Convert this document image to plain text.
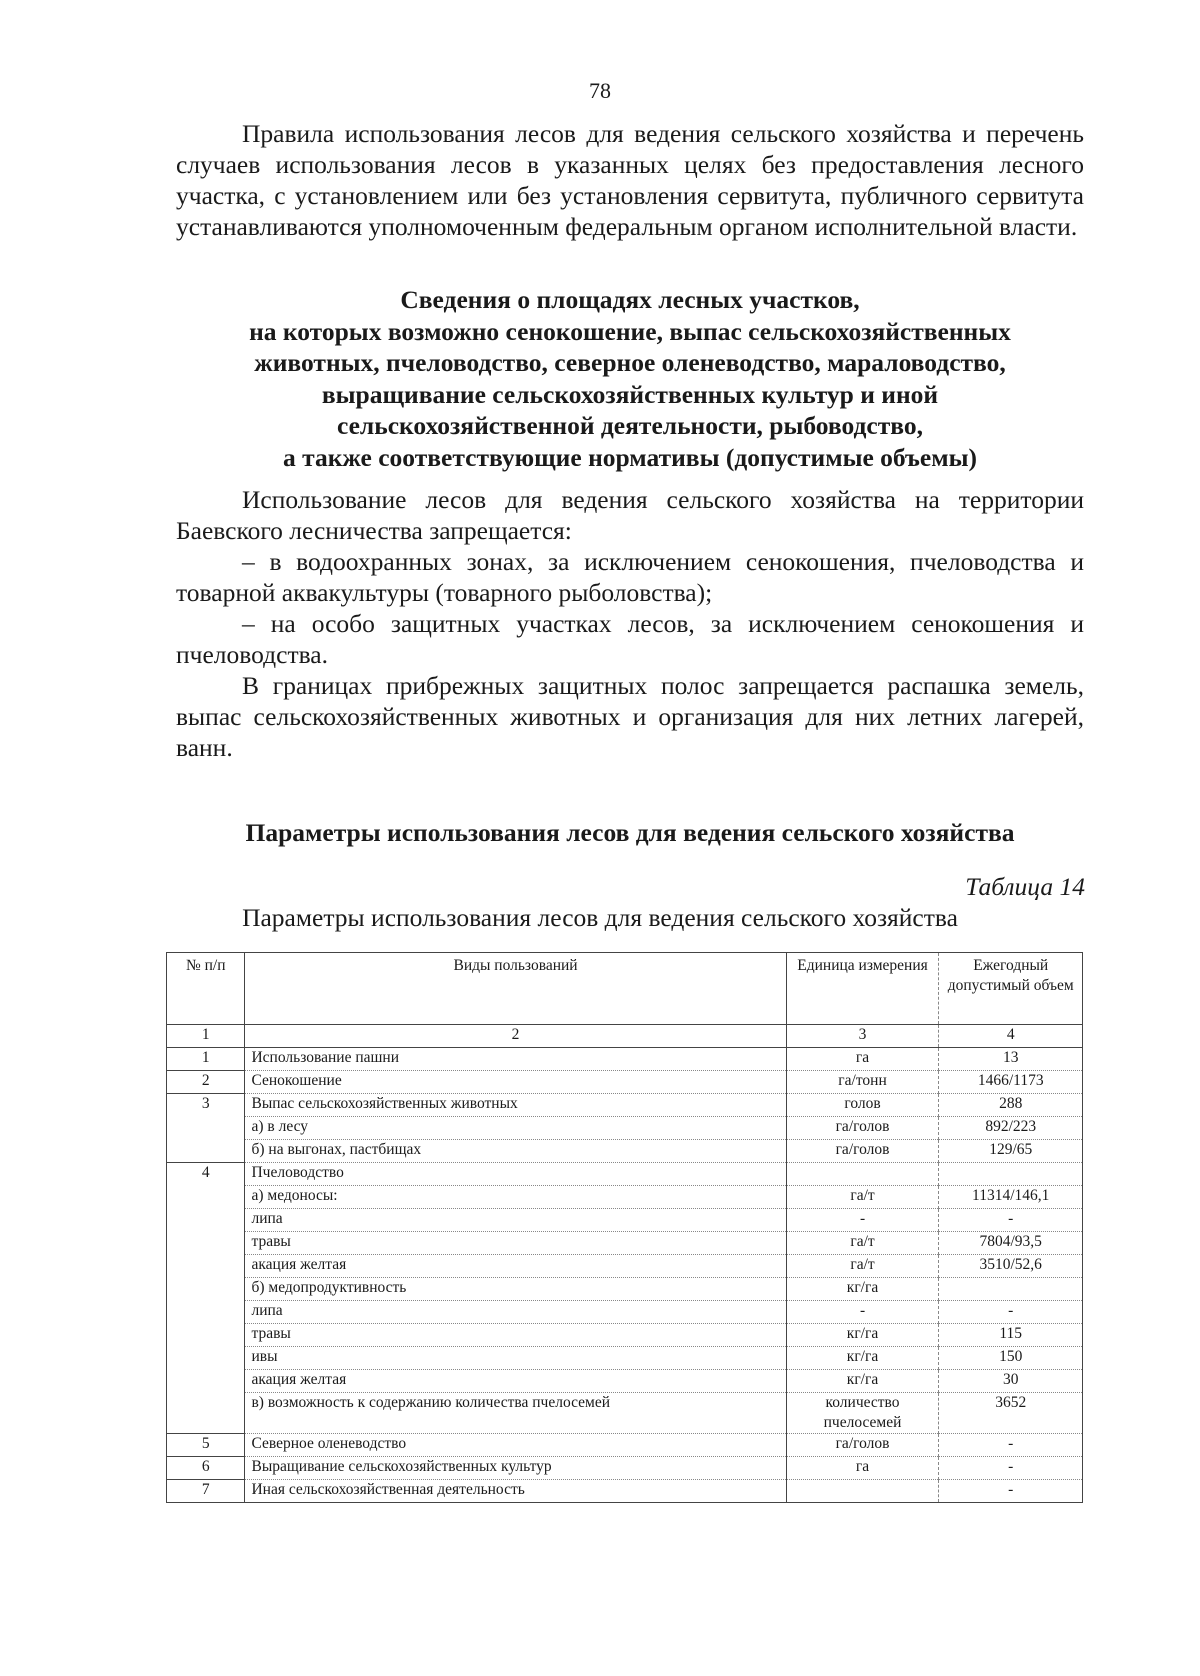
78

Правила использования лесов для ведения сельского хозяйства и перечень случаев использования лесов в указанных целях без предоставления лесного участка, с установлением или без установления сервитута, публичного сервитута устанавливаются уполномоченным федеральным органом исполнительной власти.

Сведения о площадях лесных участков,
на которых возможно сенокошение, выпас сельскохозяйственных
животных, пчеловодство, северное оленеводство, мараловодство,
выращивание сельскохозяйственных культур и иной
сельскохозяйственной деятельности, рыбоводство,
а также соответствующие нормативы (допустимые объемы)

Использование лесов для ведения сельского хозяйства на территории Баевского лесничества запрещается:

– в водоохранных зонах, за исключением сенокошения, пчеловодства и товарной аквакультуры (товарного рыболовства);

– на особо защитных участках лесов, за исключением сенокошения и пчеловодства.

В границах прибрежных защитных полос запрещается распашка земель, выпас сельскохозяйственных животных и организация для них летних лагерей, ванн.

Параметры использования лесов для ведения сельского хозяйства
Таблица 14
Параметры использования лесов для ведения сельского хозяйства
№ п/п	Виды пользований	Единица измерения	Ежегодный допустимый объем
1	2	3	4
1	Использование пашни	га	13
2	Сенокошение	га/тонн	1466/1173
3	Выпас сельскохозяйственных животных	голов	288
	а) в лесу	га/голов	892/223
	б) на выгонах, пастбищах	га/голов	129/65
4	Пчеловодство		
	а) медоносы:	га/т	11314/146,1
	липа	-	-
	травы	га/т	7804/93,5
	акация желтая	га/т	3510/52,6
	б) медопродуктивность	кг/га	
	липа	-	-
	травы	кг/га	115
	ивы	кг/га	150
	акация желтая	кг/га	30
	в) возможность к содержанию количества пчелосемей	количество пчелосемей	3652
5	Северное оленеводство	га/голов	-
6	Выращивание сельскохозяйственных культур	га	-
7	Иная сельскохозяйственная деятельность		-
